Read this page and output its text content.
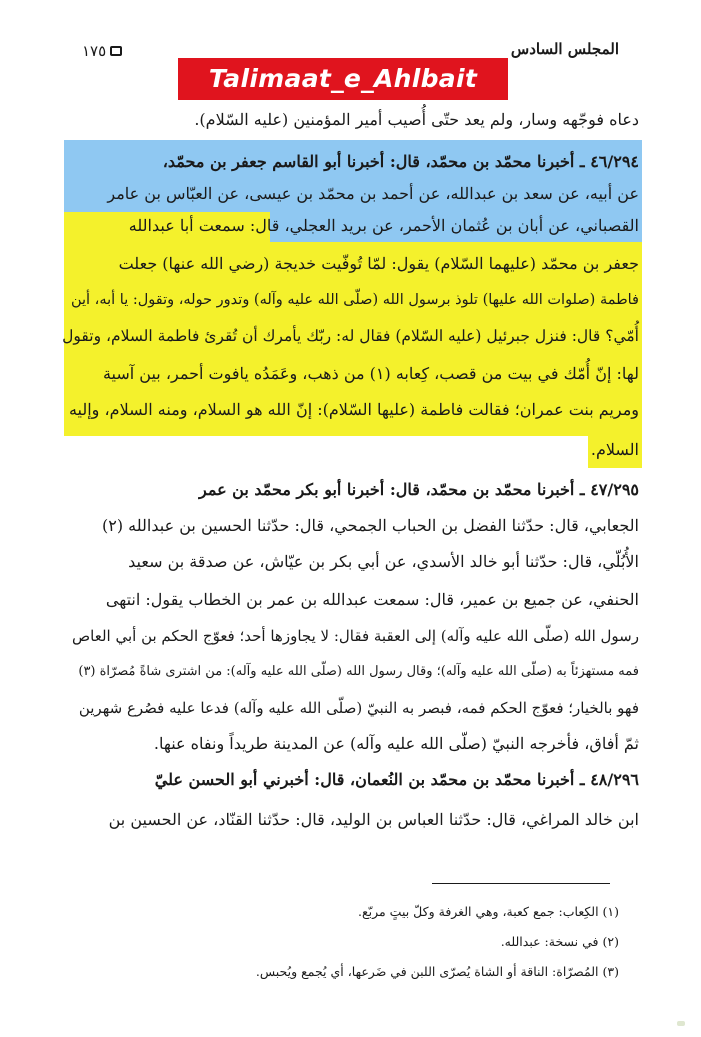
١٧٥	المجلس السادس
Talimaat_e_Ahlbait
دعاه فوجّهه وسار، ولم يعد حتّى أُصيب أمير المؤمنين (عليه السّلام).
٤٦/٢٩٤ ـ أخبرنا محمّد بن محمّد، قال: أخبرنا أبو القاسم جعفر بن محمّد،
عن أبيه، عن سعد بن عبدالله، عن أحمد بن محمّد بن عيسى، عن العبّاس بن عامر
القصباني، عن أبان بن عُثمان الأحمر، عن بريد العجلي، قال: سمعت أبا عبدالله
جعفر بن محمّد (عليهما السّلام) يقول: لمّا تُوفّيت خديجة (رضي الله عنها) جعلت
فاطمة (صلوات الله عليها) تلوذ برسول الله (صلّى الله عليه وآله) وتدور حوله، وتقول: يا أبه، أين
أُمّي؟ قال: فنزل جبرئيل (عليه السّلام) فقال له: ربّك يأمرك أن تُقرئ فاطمة السلام، وتقول
لها: إنّ أُمّك في بيت من قصب، كِعابه (١) من ذهب، وعَمَدُه يافوت أحمر، بين آسية
ومريم بنت عمران؛ فقالت فاطمة (عليها السّلام): إنّ الله هو السلام، ومنه السلام، وإليه
السلام.
٤٧/٢٩٥ ـ أخبرنا محمّد بن محمّد، قال: أخبرنا أبو بكر محمّد بن عمر
الجعابي، قال: حدّثنا الفضل بن الحباب الجمحي، قال: حدّثنا الحسين بن عبدالله (٢)
الأُبُلّي، قال: حدّثنا أبو خالد الأسدي، عن أبي بكر بن عيّاش، عن صدقة بن سعيد
الحنفي، عن جميع بن عمير، قال: سمعت عبدالله بن عمر بن الخطاب يقول: انتهى
رسول الله (صلّى الله عليه وآله) إلى العقبة فقال: لا يجاوزها أحد؛ فعوّج الحكم بن أبي العاص
فمه مستهزئاً به (صلّى الله عليه وآله)؛ وقال رسول الله (صلّى الله عليه وآله): من اشترى شاةً مُصرّاة (٣)
فهو بالخيار؛ فعوّج الحكم فمه، فبصر به النبيّ (صلّى الله عليه وآله) فدعا عليه فصُرع شهرين
ثمّ أفاق، فأخرجه النبيّ (صلّى الله عليه وآله) عن المدينة طريداً ونفاه عنها.
٤٨/٢٩٦ ـ أخبرنا محمّد بن محمّد بن النُعمان، قال: أخبرني أبو الحسن عليّ
ابن خالد المراغي، قال: حدّثنا العباس بن الوليد، قال: حدّثنا القنّاد، عن الحسين بن
(١) الكِعاب: جمع كعبة، وهي الغرفة وكلّ بيتٍ مربّع.
(٢) في نسخة: عبدالله.
(٣) المُصرّاة: الناقة أو الشاة يُصرّى اللبن في ضَرعها، أي يُجمع ويُحبس.
